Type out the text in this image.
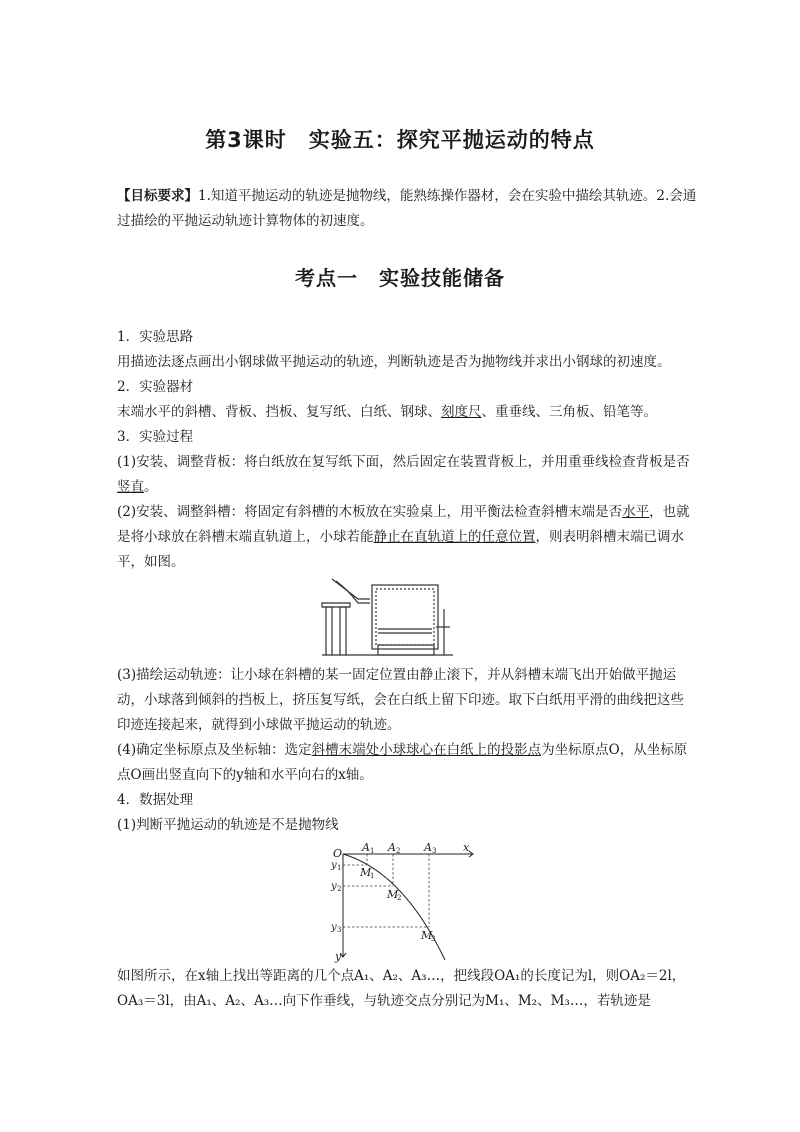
第3课时　实验五：探究平抛运动的特点
【目标要求】1.知道平抛运动的轨迹是抛物线，能熟练操作器材，会在实验中描绘其轨迹。2.会通过描绘的平抛运动轨迹计算物体的初速度。
考点一　实验技能储备

1．实验思路

用描迹法逐点画出小钢球做平抛运动的轨迹，判断轨迹是否为抛物线并求出小钢球的初速度。

2．实验器材

末端水平的斜槽、背板、挡板、复写纸、白纸、钢球、刻度尺、重垂线、三角板、铅笔等。

3．实验过程

(1)安装、调整背板：将白纸放在复写纸下面，然后固定在装置背板上，并用重垂线检查背板是否竖直。

(2)安装、调整斜槽：将固定有斜槽的木板放在实验桌上，用平衡法检查斜槽末端是否水平，也就是将小球放在斜槽末端直轨道上，小球若能静止在直轨道上的任意位置，则表明斜槽末端已调水平，如图。

(3)描绘运动轨迹：让小球在斜槽的某一固定位置由静止滚下，并从斜槽末端飞出开始做平抛运动，小球落到倾斜的挡板上，挤压复写纸，会在白纸上留下印迹。取下白纸用平滑的曲线把这些印迹连接起来，就得到小球做平抛运动的轨迹。

(4)确定坐标原点及坐标轴：选定斜槽末端处小球球心在白纸上的投影点为坐标原点O，从坐标原点O画出竖直向下的y轴和水平向右的x轴。

4．数据处理

(1)判断平抛运动的轨迹是不是抛物线

O	x
y
A 1 A 2 A 3
y 1
y 2
y 3
M
1
M
2
M
3

如图所示，在x轴上找出等距离的几个点A₁、A₂、A₃…，把线段OA₁的长度记为l，则OA₂＝2l，OA₃＝3l，由A₁、A₂、A₃…向下作垂线，与轨迹交点分别记为M₁、M₂、M₃…，若轨迹是
